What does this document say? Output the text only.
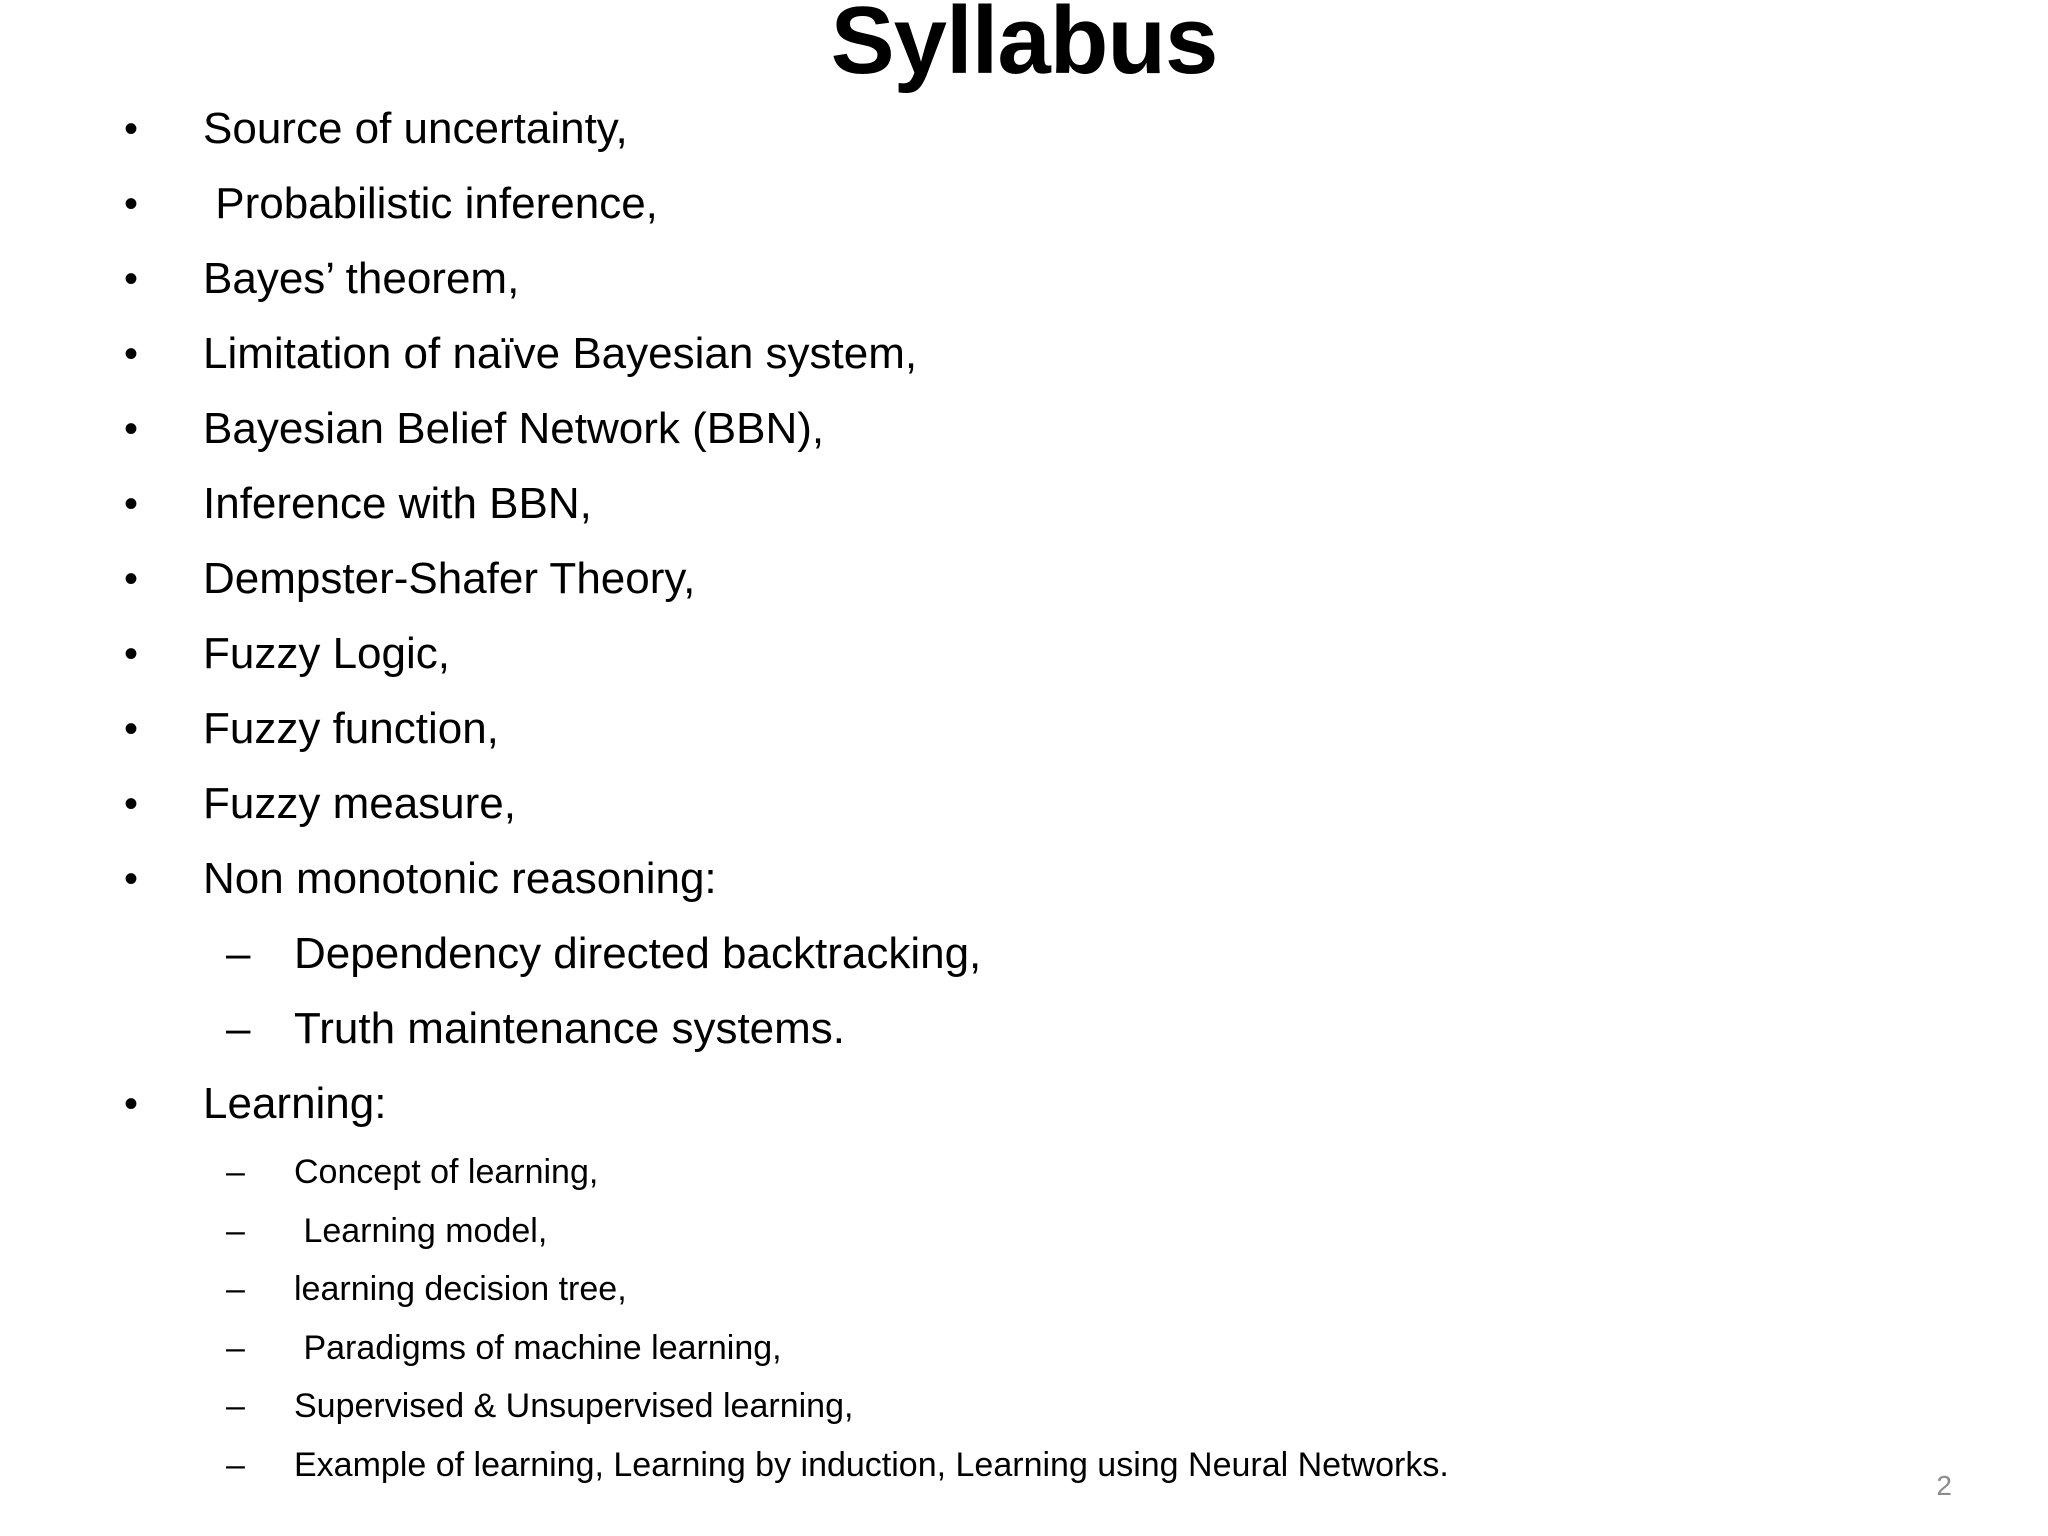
Syllabus
• Source of uncertainty,
• Probabilistic inference,
• Bayes’ theorem,
• Limitation of naïve Bayesian system,
• Bayesian Belief Network (BBN),
• Inference with BBN,
• Dempster-Shafer Theory,
• Fuzzy Logic,
• Fuzzy function,
• Fuzzy measure,
• Non monotonic reasoning:
– Dependency directed backtracking,
– Truth maintenance systems.
• Learning:
– Concept of learning,
– Learning model,
– learning decision tree,
– Paradigms of machine learning,
– Supervised & Unsupervised learning,
– Example of learning, Learning by induction, Learning using Neural Networks.
2
